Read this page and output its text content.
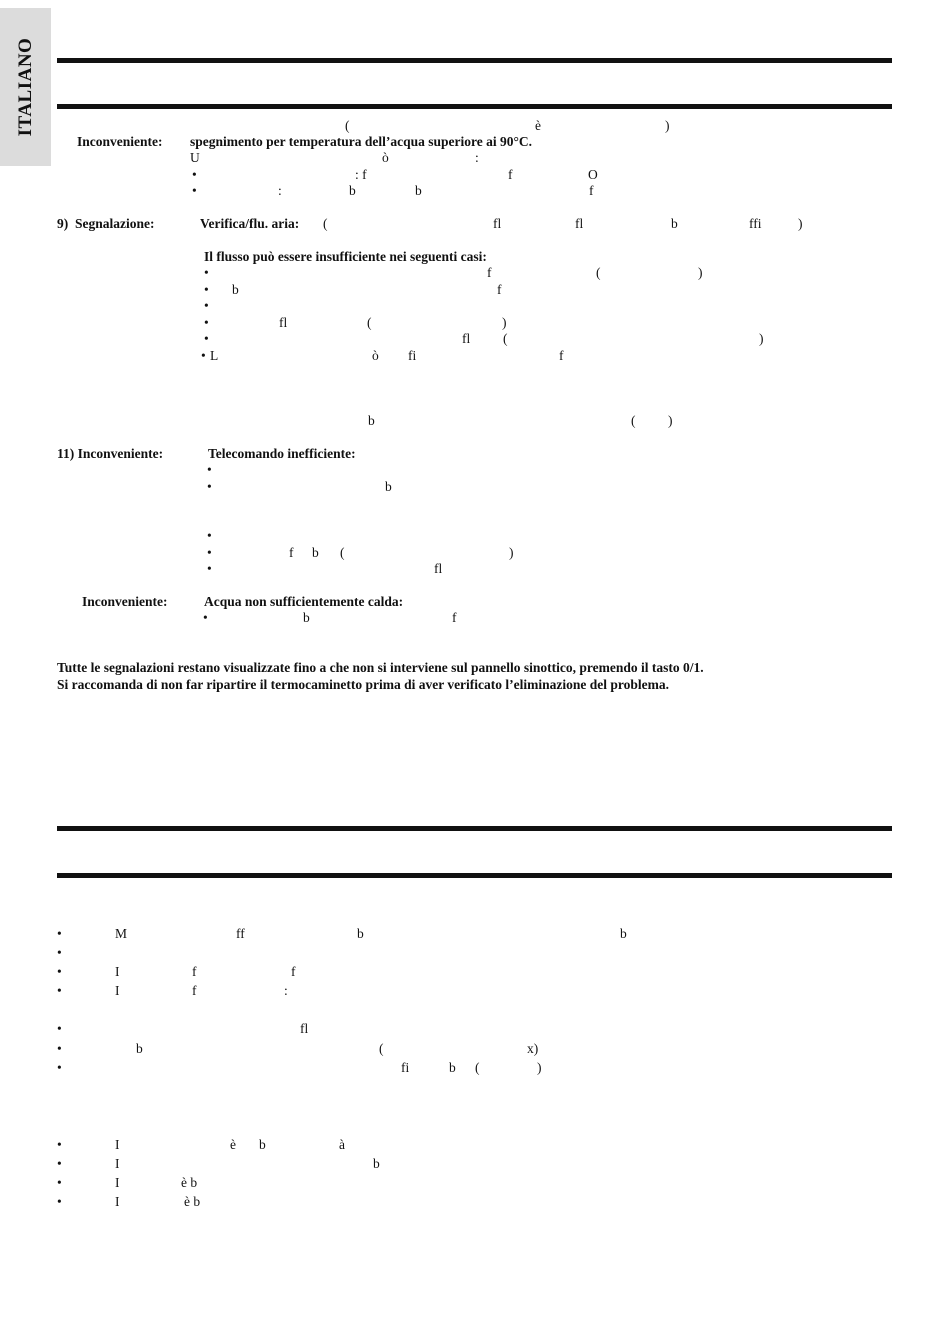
ITALIANO
Inconveniente: spegnimento per temperatura dell’acqua superiore ai 90°C.
9)  Segnalazione:	Verifica/flu. aria:
Il flusso può essere insufficiente nei seguenti casi:
11) Inconveniente:	Telecomando inefficiente:
Inconveniente:	Acqua non sufficientemente calda:
Tutte le segnalazioni restano visualizzate fino a che non si interviene sul pannello sinottico, premendo il tasto 0/1.
Si raccomanda di non far ripartire il termocaminetto prima di aver verificato l’eliminazione del problema.
(	è	)
U	ò	:
•	: f	f	O
•	:	b	b	f
(	fl	fl	b	ffi	)
•	f	(	)
• b	f
•
•	fl	(	)
•	fl (	)
• L	ò fi	f
b	( )
•
•	b
•
•	f b (	)
•	fl
•	b	f
•	M	ff	b	b
•
•	I	f	f
•	I	f	:
•	fl
•	b	(	x)
•	fi	b (	)
•	I	è b	à
•	I	b
•	I	è b
•	I	è b
